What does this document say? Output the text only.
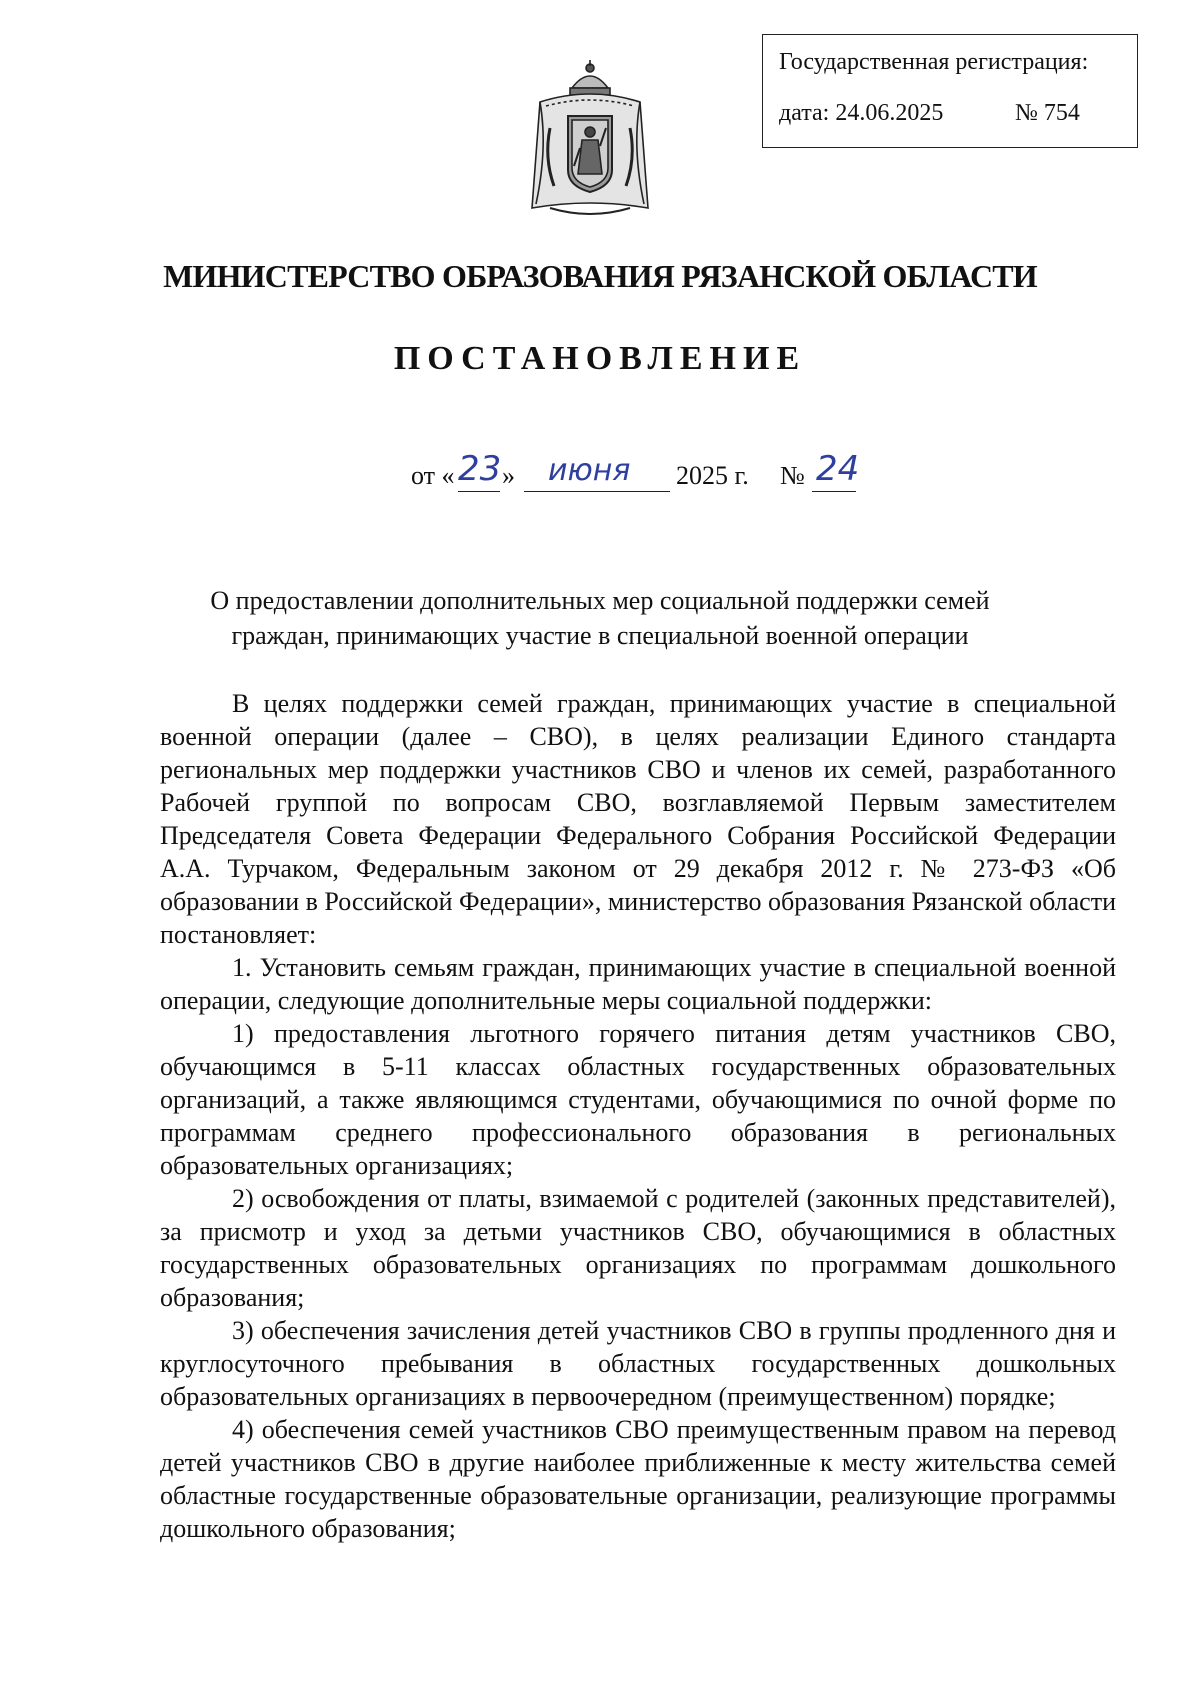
Государственная регистрация:
дата: 24.06.2025	№ 754
МИНИСТЕРСТВО ОБРАЗОВАНИЯ РЯЗАНСКОЙ ОБЛАСТИ
ПОСТАНОВЛЕНИЕ
от « 23 » июня 2025 г. № 24
О предоставлении дополнительных мер социальной поддержки семей граждан, принимающих участие в специальной военной операции

В целях поддержки семей граждан, принимающих участие в специальной военной операции (далее – СВО), в целях реализации Единого стандарта региональных мер поддержки участников СВО и членов их семей, разработанного Рабочей группой по вопросам СВО, возглавляемой Первым заместителем Председателя Совета Федерации Федерального Собрания Российской Федерации А.А. Турчаком, Федеральным законом от 29 декабря 2012 г. № 273-ФЗ «Об образовании в Российской Федерации», министерство образования Рязанской области постановляет:

1. Установить семьям граждан, принимающих участие в специальной военной операции, следующие дополнительные меры социальной поддержки:

1) предоставления льготного горячего питания детям участников СВО, обучающимся в 5-11 классах областных государственных образовательных организаций, а также являющимся студентами, обучающимися по очной форме по программам среднего профессионального образования в региональных образовательных организациях;

2) освобождения от платы, взимаемой с родителей (законных представителей), за присмотр и уход за детьми участников СВО, обучающимися в областных государственных образовательных организациях по программам дошкольного образования;

3) обеспечения зачисления детей участников СВО в группы продленного дня и круглосуточного пребывания в областных государственных дошкольных образовательных организациях в первоочередном (преимущественном) порядке;

4) обеспечения семей участников СВО преимущественным правом на перевод детей участников СВО в другие наиболее приближенные к месту жительства семей областные государственные образовательные организации, реализующие программы дошкольного образования;
